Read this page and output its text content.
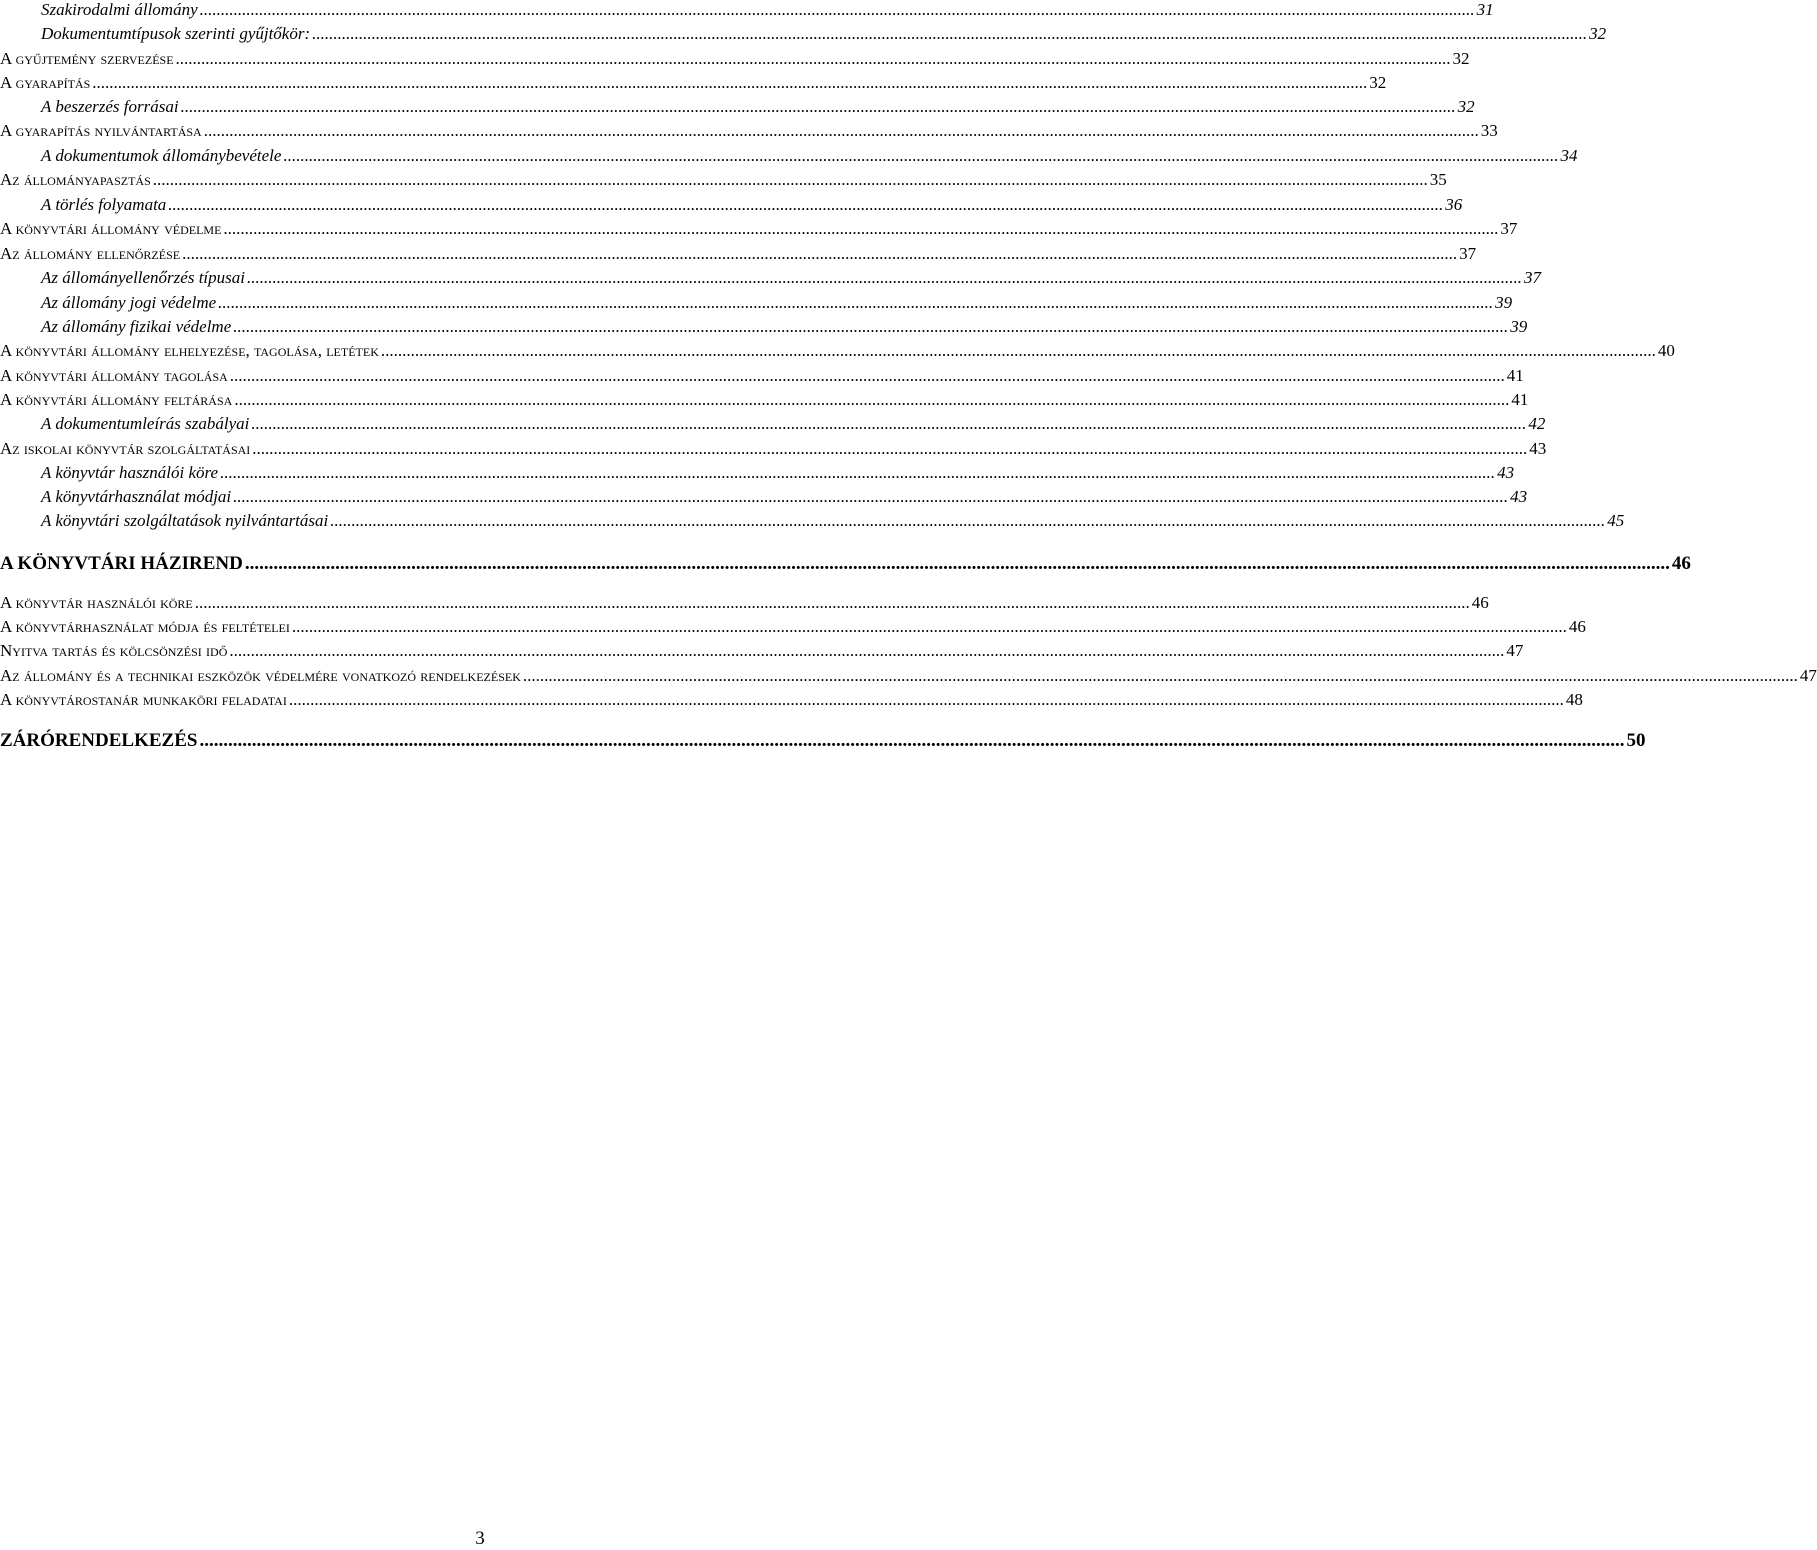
Szakirodalmi állomány ............................................................................................................................................................................................................................................................................................................ 31
Dokumentumtípusok szerinti gyűjtőkör: ............................................................................................................................................................................................................................................................................................................ 32
A gyűjtemény szervezése ............................................................................................................................................................................................................................................................................................................ 32
A gyarapítás ............................................................................................................................................................................................................................................................................................................ 32
A beszerzés forrásai ............................................................................................................................................................................................................................................................................................................ 32
A gyarapítás nyilvántartása ............................................................................................................................................................................................................................................................................................................ 33
A dokumentumok állománybevétele ............................................................................................................................................................................................................................................................................................................ 34
Az állományapasztás ............................................................................................................................................................................................................................................................................................................ 35
A törlés folyamata ............................................................................................................................................................................................................................................................................................................ 36
A könyvtári állomány védelme ............................................................................................................................................................................................................................................................................................................ 37
Az állomány ellenőrzése ............................................................................................................................................................................................................................................................................................................ 37
Az állományellenőrzés típusai ............................................................................................................................................................................................................................................................................................................ 37
Az állomány jogi védelme ............................................................................................................................................................................................................................................................................................................ 39
Az állomány fizikai védelme ............................................................................................................................................................................................................................................................................................................ 39
A könyvtári állomány elhelyezése, tagolása, letétek ............................................................................................................................................................................................................................................................................................................ 40
A könyvtári állomány tagolása ............................................................................................................................................................................................................................................................................................................ 41
A könyvtári állomány feltárása ............................................................................................................................................................................................................................................................................................................ 41
A dokumentumleírás szabályai ............................................................................................................................................................................................................................................................................................................ 42
Az iskolai könyvtár szolgáltatásai ............................................................................................................................................................................................................................................................................................................ 43
A könyvtár használói köre ............................................................................................................................................................................................................................................................................................................ 43
A könyvtárhasználat módjai ............................................................................................................................................................................................................................................................................................................ 43
A könyvtári szolgáltatások nyilvántartásai ............................................................................................................................................................................................................................................................................................................ 45
A KÖNYVTÁRI HÁZIREND ............................................................................................................................................................................................................................................................................................................ 46
A könyvtár használói köre ............................................................................................................................................................................................................................................................................................................ 46
A könyvtárhasználat módja és feltételei ............................................................................................................................................................................................................................................................................................................ 46
Nyitva tartás és kölcsönzési idő ............................................................................................................................................................................................................................................................................................................ 47
Az állomány és a technikai eszközök védelmére vonatkozó rendelkezések ............................................................................................................................................................................................................................................................................................................ 47
A könyvtárostanár munkaköri feladatai ............................................................................................................................................................................................................................................................................................................ 48
ZÁRÓRENDELKEZÉS ............................................................................................................................................................................................................................................................................................................ 50
3
